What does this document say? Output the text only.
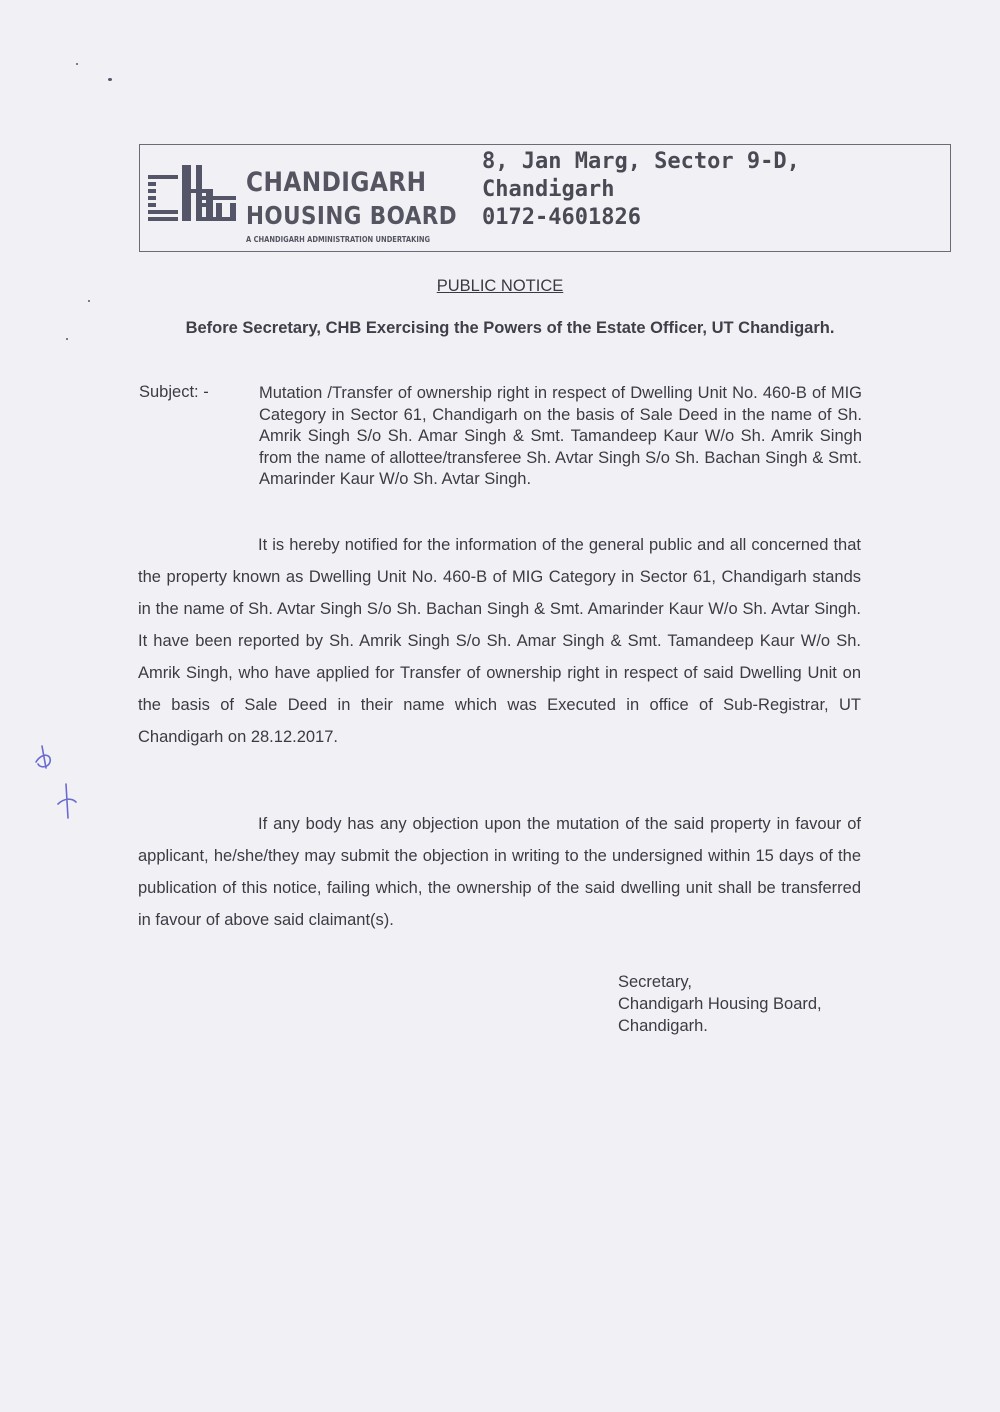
CHANDIGARH
HOUSING BOARD
A CHANDIGARH ADMINISTRATION UNDERTAKING
8, Jan Marg, Sector 9-D,
Chandigarh
0172-4601826
PUBLIC NOTICE
Before Secretary, CHB Exercising the Powers of the Estate Officer, UT Chandigarh.
Subject: -	Mutation /Transfer of ownership right in respect of Dwelling Unit No. 460-B of MIG Category in Sector 61, Chandigarh on the basis of Sale Deed in the name of Sh. Amrik Singh S/o Sh. Amar Singh & Smt. Tamandeep Kaur W/o Sh. Amrik Singh from the name of allottee/transferee Sh. Avtar Singh S/o Sh. Bachan Singh & Smt. Amarinder Kaur W/o Sh. Avtar Singh.
It is hereby notified for the information of the general public and all concerned that the property known as Dwelling Unit No. 460-B of MIG Category in Sector 61, Chandigarh stands in the name of Sh. Avtar Singh S/o Sh. Bachan Singh & Smt. Amarinder Kaur W/o Sh. Avtar Singh. It have been reported by Sh. Amrik Singh S/o Sh. Amar Singh & Smt. Tamandeep Kaur W/o Sh. Amrik Singh, who have applied for Transfer of ownership right in respect of said Dwelling Unit on the basis of Sale Deed in their name which was Executed in office of Sub-Registrar, UT Chandigarh on 28.12.2017.
If any body has any objection upon the mutation of the said property in favour of applicant, he/she/they may submit the objection in writing to the undersigned within 15 days of the publication of this notice, failing which, the ownership of the said dwelling unit shall be transferred in favour of above said claimant(s).
Secretary,
Chandigarh Housing Board,
Chandigarh.
